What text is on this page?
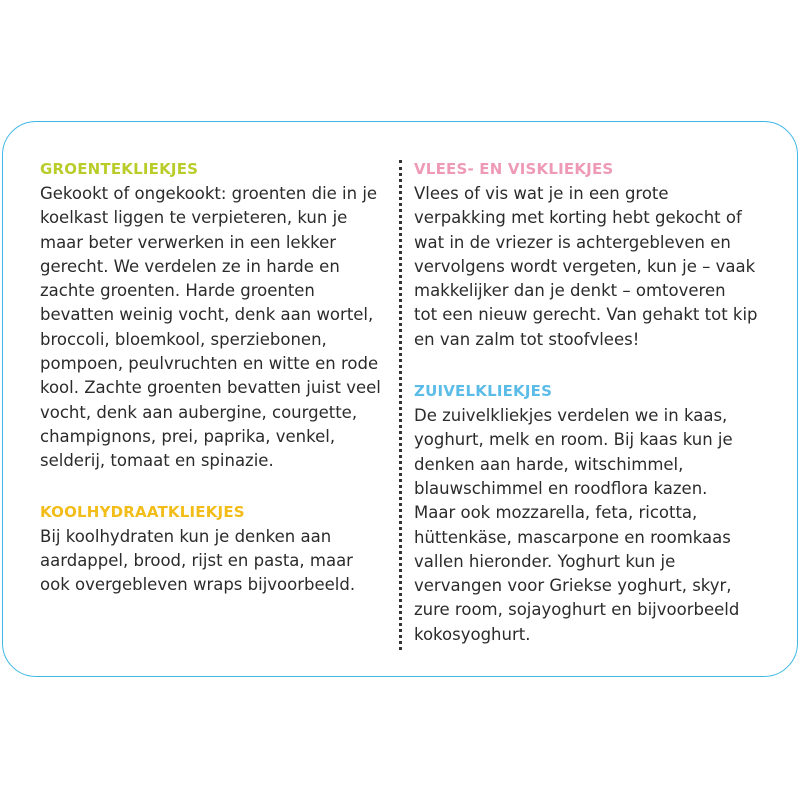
GROENTEKLIEKJES

Gekookt of ongekookt: groenten die in je
koelkast liggen te verpieteren, kun je
maar beter verwerken in een lekker
gerecht. We verdelen ze in harde en
zachte groenten. Harde groenten
bevatten weinig vocht, denk aan wortel,
broccoli, bloemkool, sperziebonen,
pompoen, peulvruchten en witte en rode
kool. Zachte groenten bevatten juist veel
vocht, denk aan aubergine, courgette,
champignons, prei, paprika, venkel,
selderij, tomaat en spinazie.

KOOLHYDRAATKLIEKJES

Bij koolhydraten kun je denken aan
aardappel, brood, rijst en pasta, maar
ook overgebleven wraps bijvoorbeeld.

VLEES- EN VISKLIEKJES

Vlees of vis wat je in een grote
verpakking met korting hebt gekocht of
wat in de vriezer is achtergebleven en
vervolgens wordt vergeten, kun je – vaak
makkelijker dan je denkt – omtoveren
tot een nieuw gerecht. Van gehakt tot kip
en van zalm tot stoofvlees!

ZUIVELKLIEKJES

De zuivelkliekjes verdelen we in kaas,
yoghurt, melk en room. Bij kaas kun je
denken aan harde, witschimmel,
blauwschimmel en roodflora kazen.
Maar ook mozzarella, feta, ricotta,
hüttenkäse, mascarpone en roomkaas
vallen hieronder. Yoghurt kun je
vervangen voor Griekse yoghurt, skyr,
zure room, sojayoghurt en bijvoorbeeld
kokosyoghurt.
